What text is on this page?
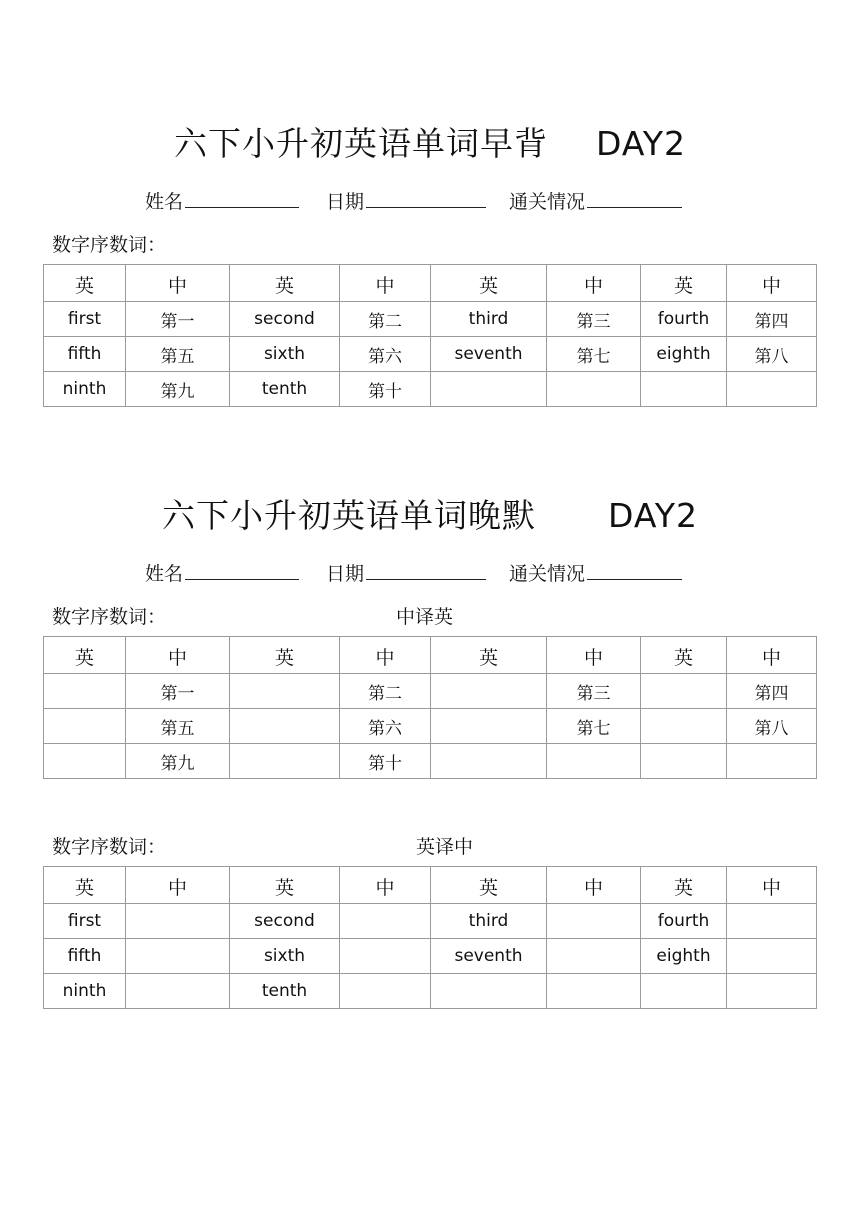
六下小升初英语单词早背 DAY2
姓名	日期	通关情况
数字序数词：
英	中	英	中	英	中	英	中
first	第一	second	第二	third	第三	fourth	第四
fifth	第五	sixth	第六	seventh	第七	eighth	第八
ninth	第九	tenth	第十				
六下小升初英语单词晚默 DAY2
姓名	日期	通关情况
数字序数词：	中译英
英	中	英	中	英	中	英	中
	第一		第二		第三		第四
	第五		第六		第七		第八
	第九		第十				
数字序数词：	英译中
英	中	英	中	英	中	英	中
first		second		third		fourth	
fifth		sixth		seventh		eighth	
ninth		tenth					
